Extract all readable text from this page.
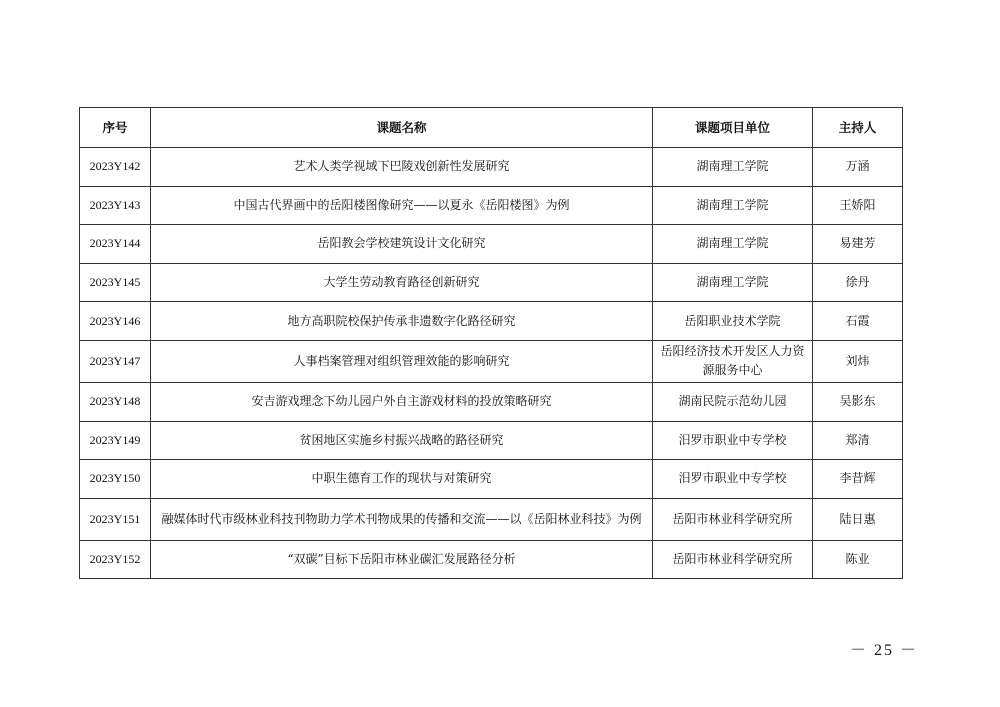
序号	课题名称	课题项目单位	主持人
2023Y142	艺术人类学视域下巴陵戏创新性发展研究	湖南理工学院	万涵
2023Y143	中国古代界画中的岳阳楼图像研究——以夏永《岳阳楼图》为例	湖南理工学院	王娇阳
2023Y144	岳阳教会学校建筑设计文化研究	湖南理工学院	易建芳
2023Y145	大学生劳动教育路径创新研究	湖南理工学院	徐丹
2023Y146	地方高职院校保护传承非遗数字化路径研究	岳阳职业技术学院	石霞
2023Y147	人事档案管理对组织管理效能的影响研究	岳阳经济技术开发区人力资源服务中心	刘炜
2023Y148	安吉游戏理念下幼儿园户外自主游戏材料的投放策略研究	湖南民院示范幼儿园	吴影东
2023Y149	贫困地区实施乡村振兴战略的路径研究	汨罗市职业中专学校	郑清
2023Y150	中职生德育工作的现状与对策研究	汨罗市职业中专学校	李昔辉
2023Y151	融媒体时代市级林业科技刊物助力学术刊物成果的传播和交流——以《岳阳林业科技》为例	岳阳市林业科学研究所	陆日惠
2023Y152	“双碳”目标下岳阳市林业碳汇发展路径分析	岳阳市林业科学研究所	陈业
－ 25 －
